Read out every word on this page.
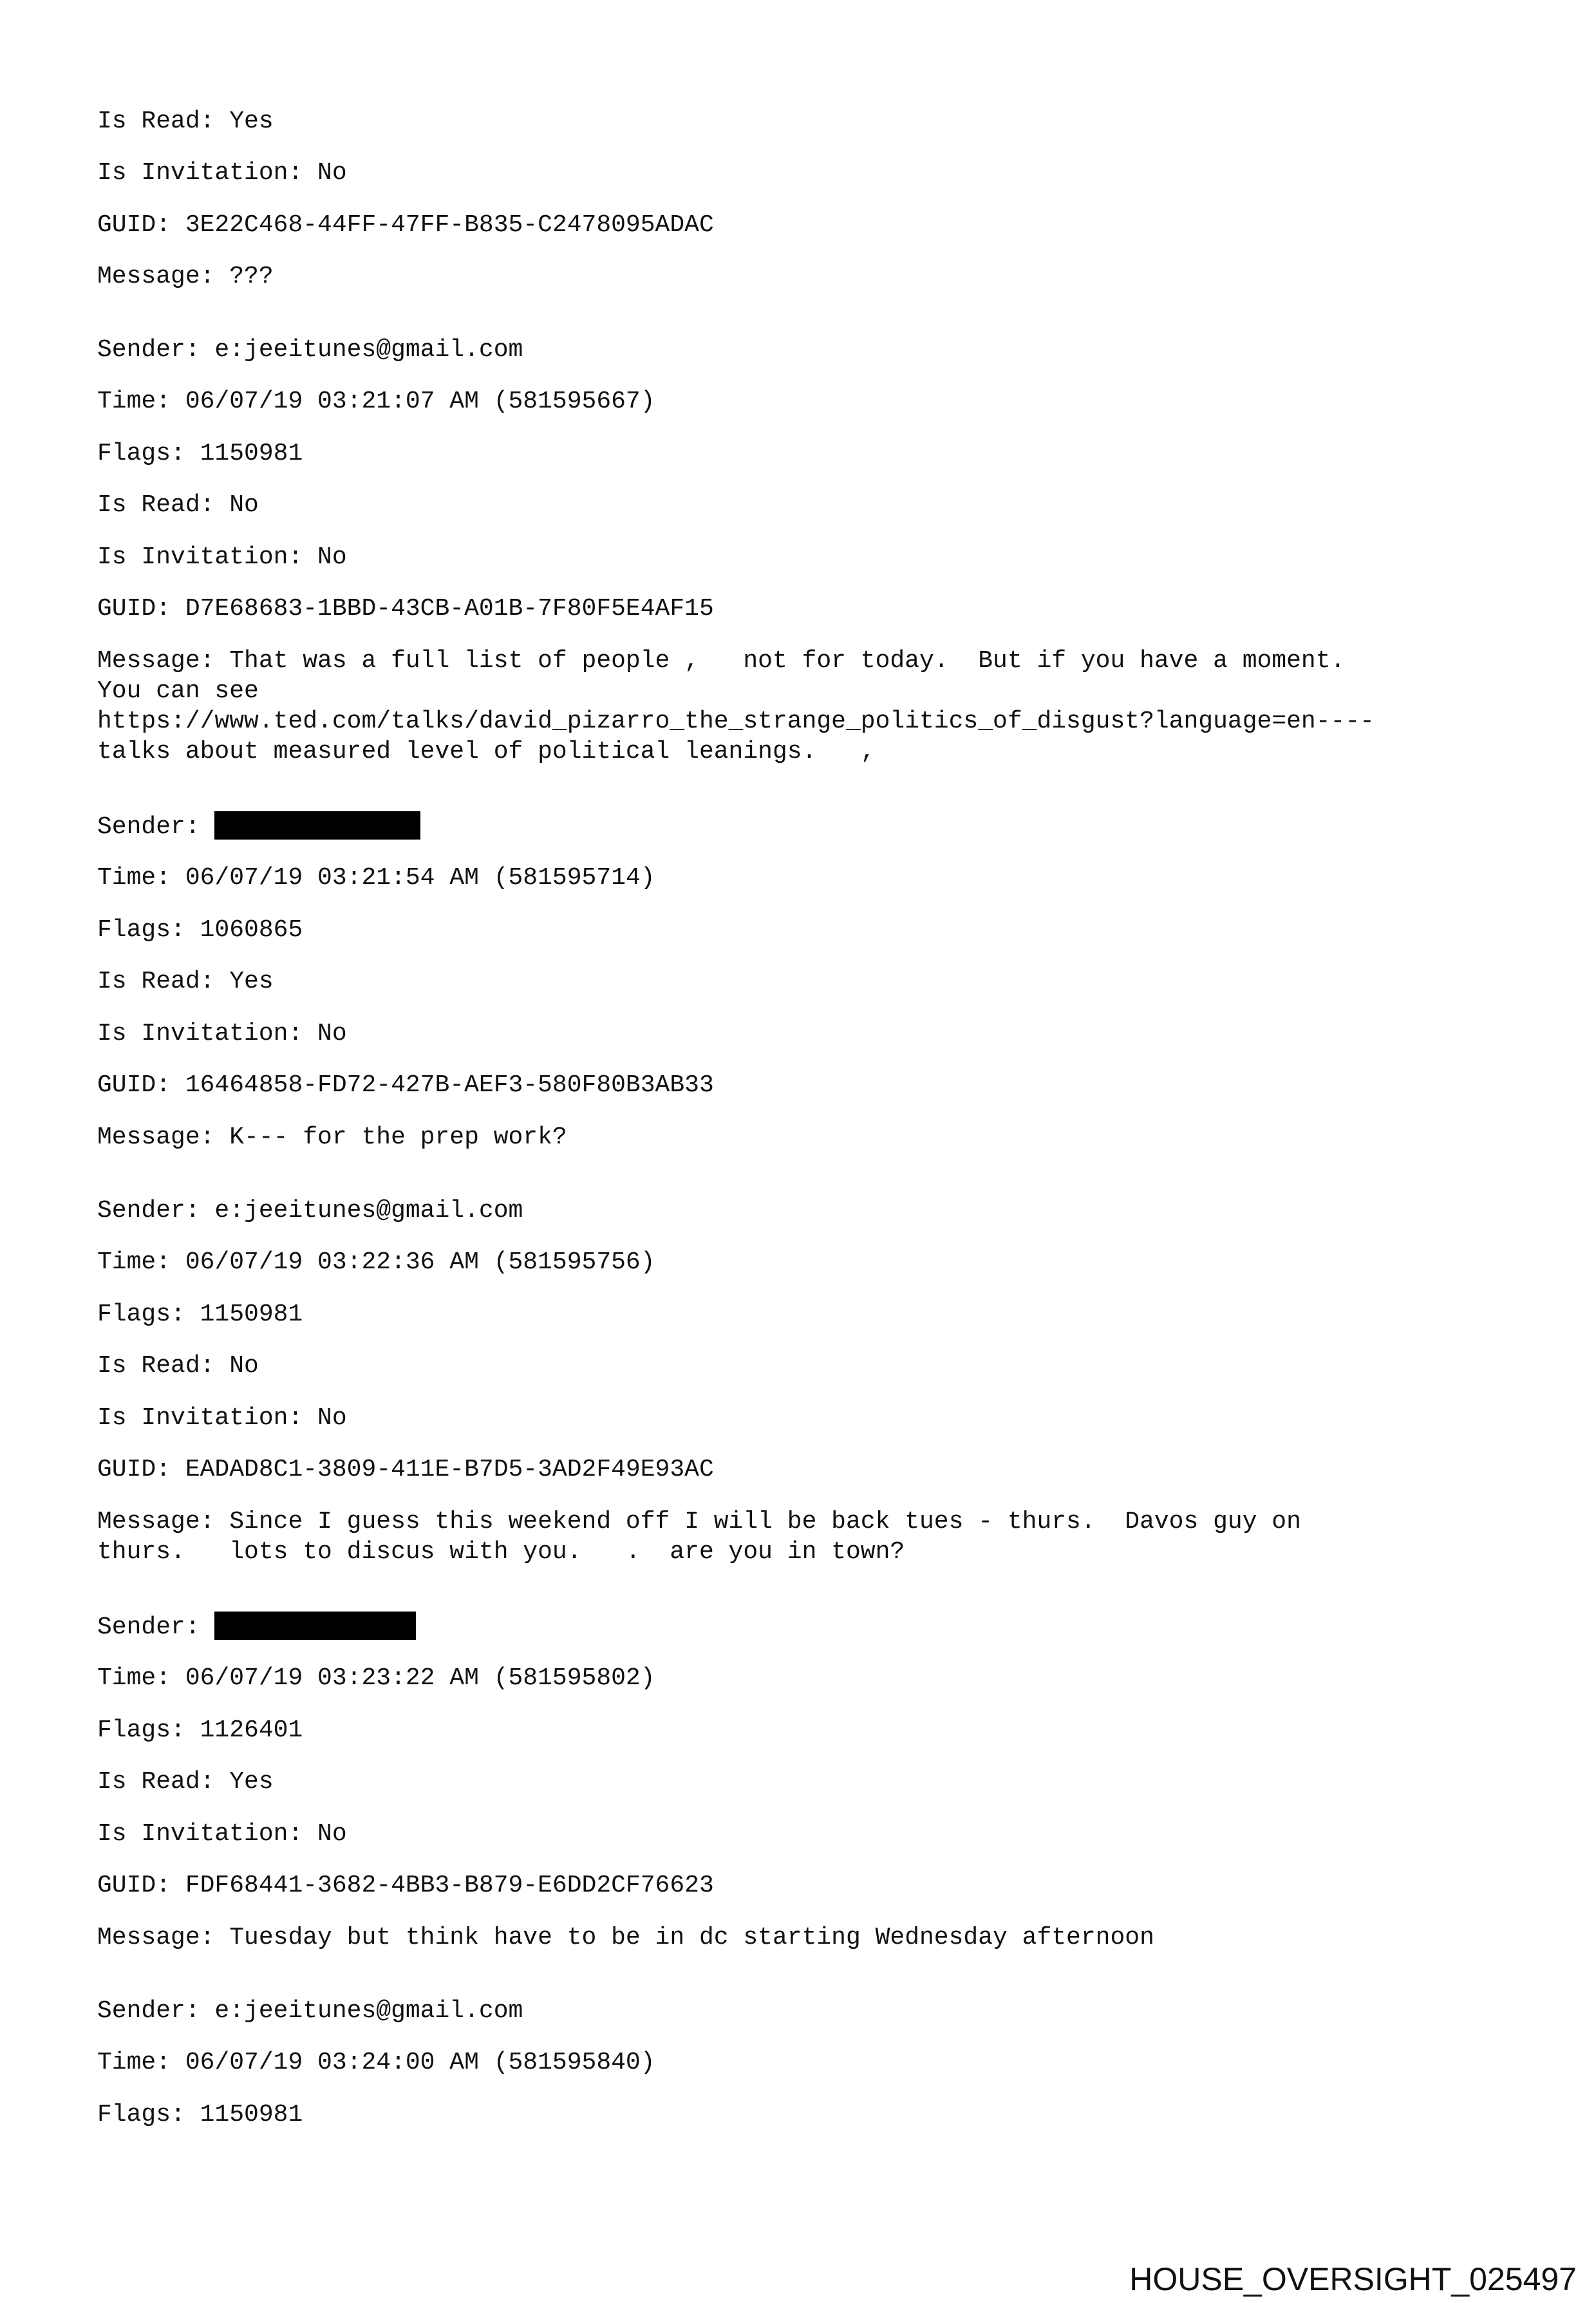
Is Read: Yes
Is Invitation: No
GUID: 3E22C468-44FF-47FF-B835-C2478095ADAC
Message: ???
Sender: e:jeeitunes@gmail.com
Time: 06/07/19 03:21:07 AM (581595667)
Flags: 1150981
Is Read: No
Is Invitation: No
GUID: D7E68683-1BBD-43CB-A01B-7F80F5E4AF15
Message: That was a full list of people ,   not for today.  But if you have a moment.
You can see
https://www.ted.com/talks/david_pizarro_the_strange_politics_of_disgust?language=en----
talks about measured level of political leanings.   ,
Sender:
Time: 06/07/19 03:21:54 AM (581595714)
Flags: 1060865
Is Read: Yes
Is Invitation: No
GUID: 16464858-FD72-427B-AEF3-580F80B3AB33
Message: K--- for the prep work?
Sender: e:jeeitunes@gmail.com
Time: 06/07/19 03:22:36 AM (581595756)
Flags: 1150981
Is Read: No
Is Invitation: No
GUID: EADAD8C1-3809-411E-B7D5-3AD2F49E93AC
Message: Since I guess this weekend off I will be back tues - thurs.  Davos guy on
thurs.   lots to discus with you.   .  are you in town?
Sender:
Time: 06/07/19 03:23:22 AM (581595802)
Flags: 1126401
Is Read: Yes
Is Invitation: No
GUID: FDF68441-3682-4BB3-B879-E6DD2CF76623
Message: Tuesday but think have to be in dc starting Wednesday afternoon
Sender: e:jeeitunes@gmail.com
Time: 06/07/19 03:24:00 AM (581595840)
Flags: 1150981
HOUSE_OVERSIGHT_025497
